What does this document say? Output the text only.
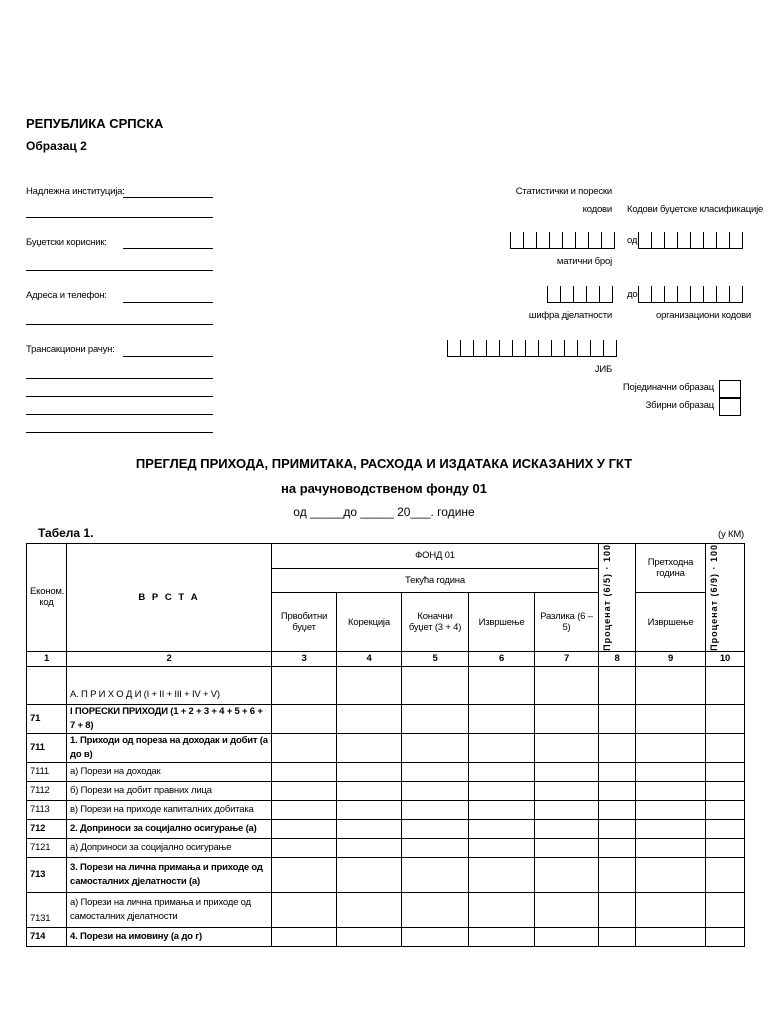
РЕПУБЛИКА СРПСКА
Образац 2
Надлежна институција:
Буџетски корисник:
Адреса и телефон:
Трансакциони рачун:
Статистички и порески
кодови Кодови буџетске класификације
од
матични број
до
шифра дјелатности	организациони кодови
ЈИБ
Појединачни образац
Збирни образац
ПРЕГЛЕД ПРИХОДА, ПРИМИТАКА, РАСХОДА И ИЗДАТАКА ИСКАЗАНИХ У ГКТ
на рачуноводственом фонду 01
од _____до _____ 20___. године
Табела 1.	(у КМ)
Економ. код	В Р С Т А	ФОНД 01					Проценат (6/5) · 100	Претходна година	Проценат (6/9) · 100

		Текућа година							
		Првобитни буџет	Корекција	Коначни буџет (3 + 4)	Извршење	Разлика (6 – 5)		Извршење	
1	2	3	4	5	6	7	8	9	10
	А. П Р И Х О Д И (I + II + III + IV + V)								
71	I ПОРЕСКИ ПРИХОДИ (1 + 2 + 3 + 4 + 5 + 6 + 7 + 8)								
711	1. Приходи од пореза на доходак и добит (а до в)								
7111	а) Порези на доходак								
7112	б) Порези на добит правних лица								
7113	в) Порези на приходе капиталних добитака								
712	2. Доприноси за социјално осигурање (а)								
7121	а) Доприноси за социјално осигурање								
713	3. Порези на лична примања и приходе од самосталних дјелатности (а)								
7131	а) Порези на лична примања и приходе од самосталних дјелатности								
714	4. Порези на имовину (а до г)								
